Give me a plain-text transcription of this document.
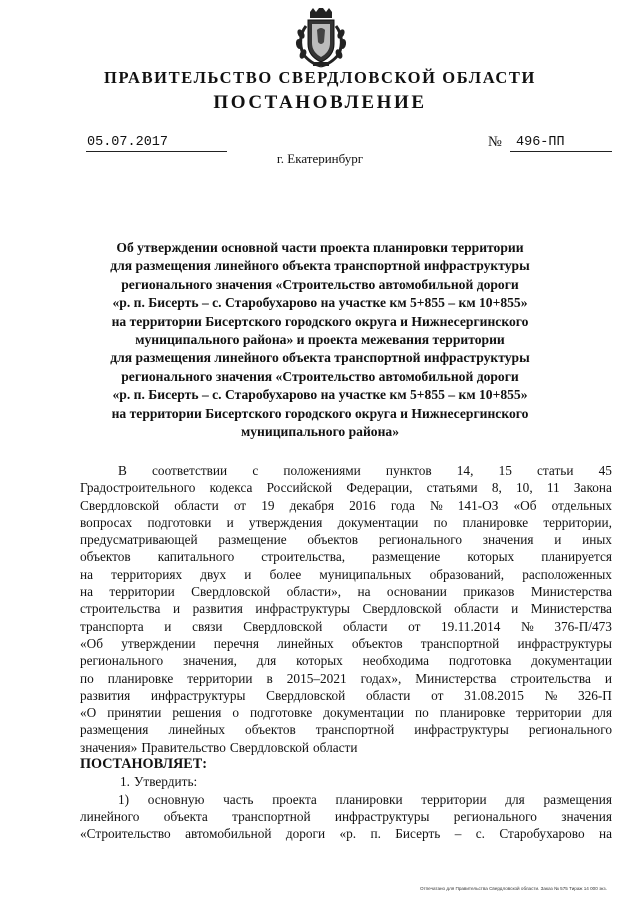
ПРАВИТЕЛЬСТВО СВЕРДЛОВСКОЙ ОБЛАСТИ
ПОСТАНОВЛЕНИЕ
05.07.2017	№	496-ПП
г. Екатеринбург
Об утверждении основной части проекта планировки территории
для размещения линейного объекта транспортной инфраструктуры
регионального значения «Строительство автомобильной дороги
«р. п. Бисерть – с. Старобухарово на участке км 5+855 – км 10+855»
на территории Бисертского городского округа и Нижнесергинского
муниципального района» и проекта межевания территории
для размещения линейного объекта транспортной инфраструктуры
регионального значения «Строительство автомобильной дороги
«р. п. Бисерть – с. Старобухарово на участке км 5+855 – км 10+855»
на территории Бисертского городского округа и Нижнесергинского
муниципального района»
В соответствии с положениями пунктов 14, 15 статьи 45
Градостроительного кодекса Российской Федерации, статьями 8, 10, 11 Закона
Свердловской области от 19 декабря 2016 года № 141-ОЗ «Об отдельных
вопросах подготовки и утверждения документации по планировке территории,
предусматривающей размещение объектов регионального значения и иных
объектов капитального строительства, размещение которых планируется
на территориях двух и более муниципальных образований, расположенных
на территории Свердловской области», на основании приказов Министерства
строительства и развития инфраструктуры Свердловской области и Министерства
транспорта и связи Свердловской области от 19.11.2014 № 376-П/473
«Об утверждении перечня линейных объектов транспортной инфраструктуры
регионального значения, для которых необходима подготовка документации
по планировке территории в 2015–2021 годах», Министерства строительства и
развития инфраструктуры Свердловской области от 31.08.2015 № 326-П
«О принятии решения о подготовке документации по планировке территории для
размещения линейных объектов транспортной инфраструктуры регионального
значения» Правительство Свердловской области
ПОСТАНОВЛЯЕТ:
1. Утвердить:
1) основную часть проекта планировки территории для размещения
линейного объекта транспортной инфраструктуры регионального значения
«Строительство автомобильной дороги «р. п. Бисерть – с. Старобухарово на
Отпечатано для Правительства Свердловской области. Заказ № 575 Тираж 14 000 экз.
